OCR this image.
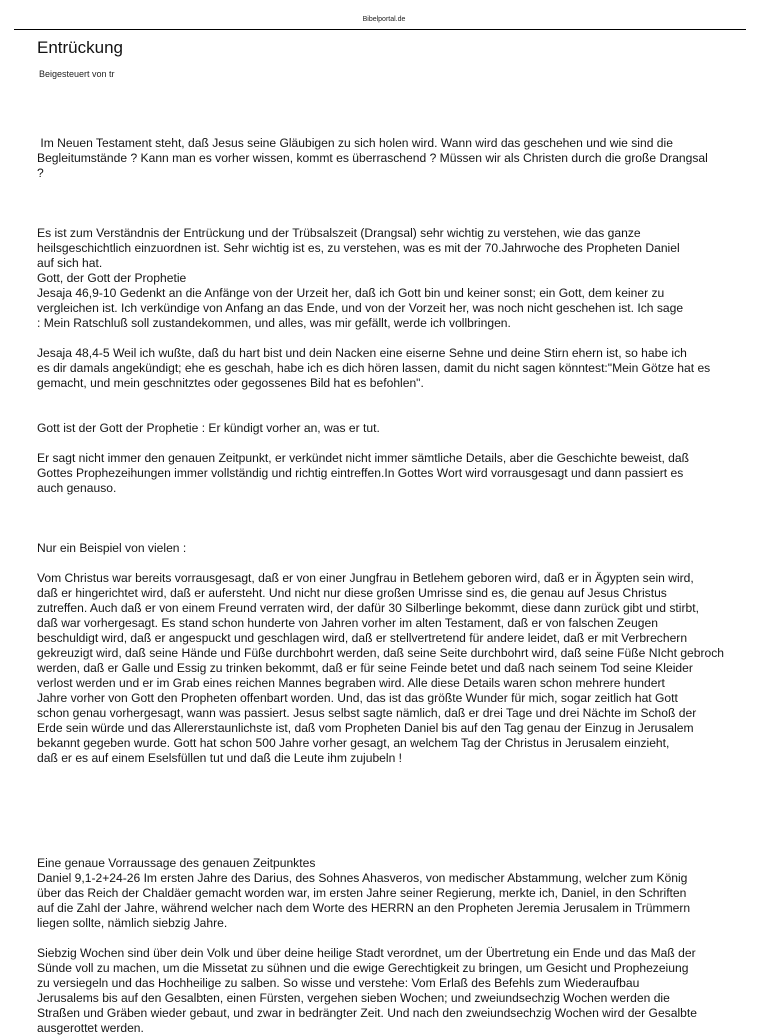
Bibelportal.de
Entrückung
Beigesteuert von tr
Im Neuen Testament steht, daß Jesus seine Gläubigen zu sich holen wird. Wann wird das geschehen und wie sind die
Begleitumstände ? Kann man es vorher wissen, kommt es überraschend ? Müssen wir als Christen durch die große Drangsal
?
Es ist zum Verständnis der Entrückung und der Trübsalszeit (Drangsal) sehr wichtig zu verstehen, wie das ganze
heilsgeschichtlich einzuordnen ist. Sehr wichtig ist es, zu verstehen, was es mit der 70.Jahrwoche des Propheten Daniel
auf sich hat.
Gott, der Gott der Prophetie
Jesaja 46,9-10 Gedenkt an die Anfänge von der Urzeit her, daß ich Gott bin und keiner sonst; ein Gott, dem keiner zu
vergleichen ist. Ich verkündige von Anfang an das Ende, und von der Vorzeit her, was noch nicht geschehen ist. Ich sage
: Mein Ratschluß soll zustandekommen, und alles, was mir gefällt, werde ich vollbringen.
Jesaja 48,4-5 Weil ich wußte, daß du hart bist und dein Nacken eine eiserne Sehne und deine Stirn ehern ist, so habe ich
es dir damals angekündigt; ehe es geschah, habe ich es dich hören lassen, damit du nicht sagen könntest:"Mein Götze hat es
gemacht, und mein geschnitztes oder gegossenes Bild hat es befohlen".
Gott ist der Gott der Prophetie : Er kündigt vorher an, was er tut.
Er sagt nicht immer den genauen Zeitpunkt, er verkündet nicht immer sämtliche Details, aber die Geschichte beweist, daß
Gottes Prophezeihungen immer vollständig und richtig eintreffen.In Gottes Wort wird vorrausgesagt und dann passiert es
auch genauso.
Nur ein Beispiel von vielen :
Vom Christus war bereits vorrausgesagt, daß er von einer Jungfrau in Betlehem geboren wird, daß er in Ägypten sein wird,
daß er hingerichtet wird, daß er aufersteht. Und nicht nur diese großen Umrisse sind es, die genau auf Jesus Christus
zutreffen. Auch daß er von einem Freund verraten wird, der dafür 30 Silberlinge bekommt, diese dann zurück gibt und stirbt,
daß war vorhergesagt. Es stand schon hunderte von Jahren vorher im alten Testament, daß er von falschen Zeugen
beschuldigt wird, daß er angespuckt und geschlagen wird, daß er stellvertretend für andere leidet, daß er mit Verbrechern
gekreuzigt wird, daß seine Hände und Füße durchbohrt werden, daß seine Seite durchbohrt wird, daß seine Füße NIcht gebroch
werden, daß er Galle und Essig zu trinken bekommt, daß er für seine Feinde betet und daß nach seinem Tod seine Kleider
verlost werden und er im Grab eines reichen Mannes begraben wird. Alle diese Details waren schon mehrere hundert
Jahre vorher von Gott den Propheten offenbart worden. Und, das ist das größte Wunder für mich, sogar zeitlich hat Gott
schon genau vorhergesagt, wann was passiert. Jesus selbst sagte nämlich, daß er drei Tage und drei Nächte im Schoß der
Erde sein würde und das Allererstaunlichste ist, daß vom Propheten Daniel bis auf den Tag genau der Einzug in Jerusalem
bekannt gegeben wurde. Gott hat schon 500 Jahre vorher gesagt, an welchem Tag der Christus in Jerusalem einzieht,
daß er es auf einem Eselsfüllen tut und daß die Leute ihm zujubeln !
Eine genaue Vorraussage des genauen Zeitpunktes
Daniel 9,1-2+24-26 Im ersten Jahre des Darius, des Sohnes Ahasveros, von medischer Abstammung, welcher zum König
über das Reich der Chaldäer gemacht worden war, im ersten Jahre seiner Regierung, merkte ich, Daniel, in den Schriften
auf die Zahl der Jahre, während welcher nach dem Worte des HERRN an den Propheten Jeremia Jerusalem in Trümmern
liegen sollte, nämlich siebzig Jahre.
Siebzig Wochen sind über dein Volk und über deine heilige Stadt verordnet, um der Übertretung ein Ende und das Maß der
Sünde voll zu machen, um die Missetat zu sühnen und die ewige Gerechtigkeit zu bringen, um Gesicht und Prophezeiung
zu versiegeln und das Hochheilige zu salben. So wisse und verstehe: Vom Erlaß des Befehls zum Wiederaufbau
Jerusalems bis auf den Gesalbten, einen Fürsten, vergehen sieben Wochen; und zweiundsechzig Wochen werden die
Straßen und Gräben wieder gebaut, und zwar in bedrängter Zeit. Und nach den zweiundsechzig Wochen wird der Gesalbte
ausgerottet werden.
